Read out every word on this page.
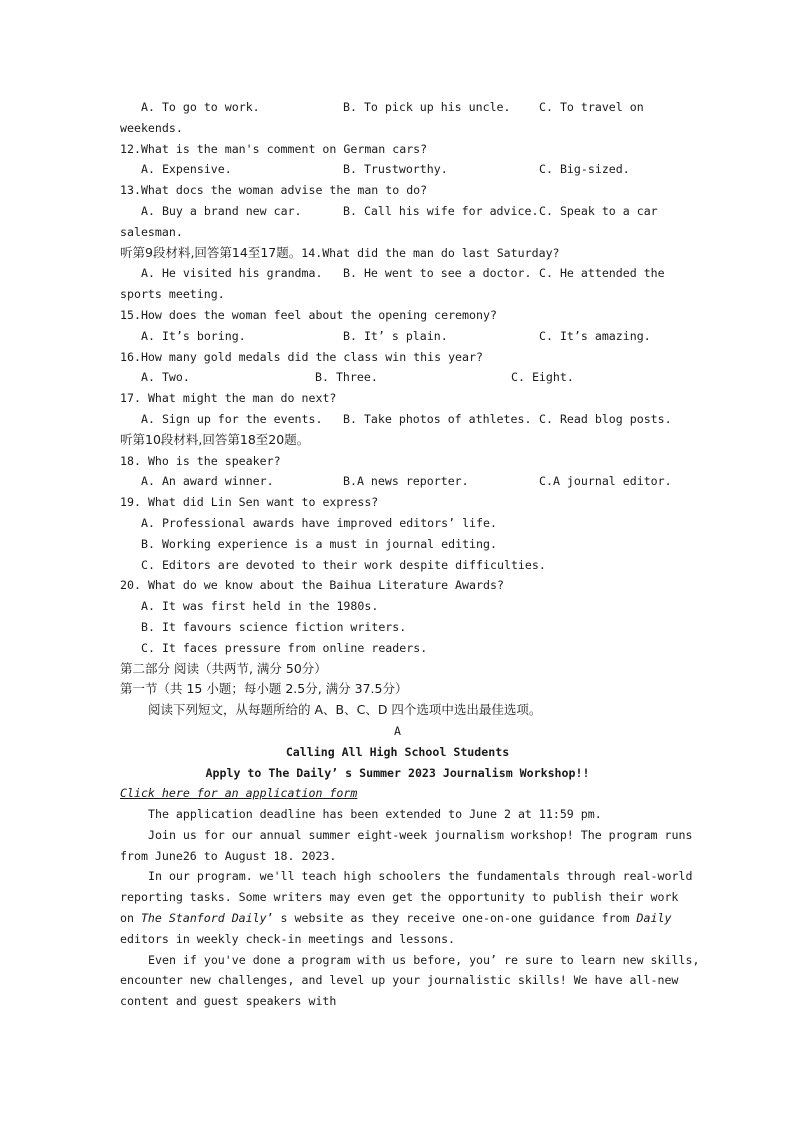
A. To go to work.	B. To pick up his uncle. C. To travel on
weekends.
12.What is the man's comment on German cars?
A. Expensive.	B. Trustworthy.	C. Big-sized.
13.What docs the woman advise the man to do?
A. Buy a brand new car.	B. Call his wife for advice.C. Speak to a car
salesman.
听第9段材料,回答第14至17题。14.What did the man do last Saturday?
A. He visited his grandma. B. He went to see a doctor. C. He attended the
sports meeting.
15.How does the woman feel about the opening ceremony?
A. It’s boring.	B. It’ s plain.	C. It’s amazing.
16.How many gold medals did the class win this year?
A. Two.	B. Three.	C. Eight.
17. What might the man do next?
A. Sign up for the events. B. Take photos of athletes. C. Read blog posts.
听第10段材料,回答第18至20题。
18. Who is the speaker?
A. An award winner.	B.A news reporter.	C.A journal editor.
19. What did Lin Sen want to express?
A. Professional awards have improved editors’ life.
B. Working experience is a must in journal editing.
C. Editors are devoted to their work despite difficulties.
20. What do we know about the Baihua Literature Awards?
A. It was first held in the 1980s.
B. It favours science fiction writers.
C. It faces pressure from online readers.
第二部分 阅读（共两节, 满分 50分）
第一节（共 15 小题；每小题 2.5分, 满分 37.5分）
阅读下列短文，从每题所给的 A、B、C、D 四个选项中选出最佳选项。
A
Calling All High School Students
Apply to The Daily’ s Summer 2023 Journalism Workshop!!
Click here for an application form
The application deadline has been extended to June 2 at 11:59 pm.
Join us for our annual summer eight-week journalism workshop! The program runs
from June26 to August 18. 2023.
In our program. we'll teach high schoolers the fundamentals through real-world
reporting tasks. Some writers may even get the opportunity to publish their work
on The Stanford Daily’ s website as they receive one-on-one guidance from Daily
editors in weekly check-in meetings and lessons.
Even if you've done a program with us before, you’ re sure to learn new skills,
encounter new challenges, and level up your journalistic skills! We have all-new
content and guest speakers with
